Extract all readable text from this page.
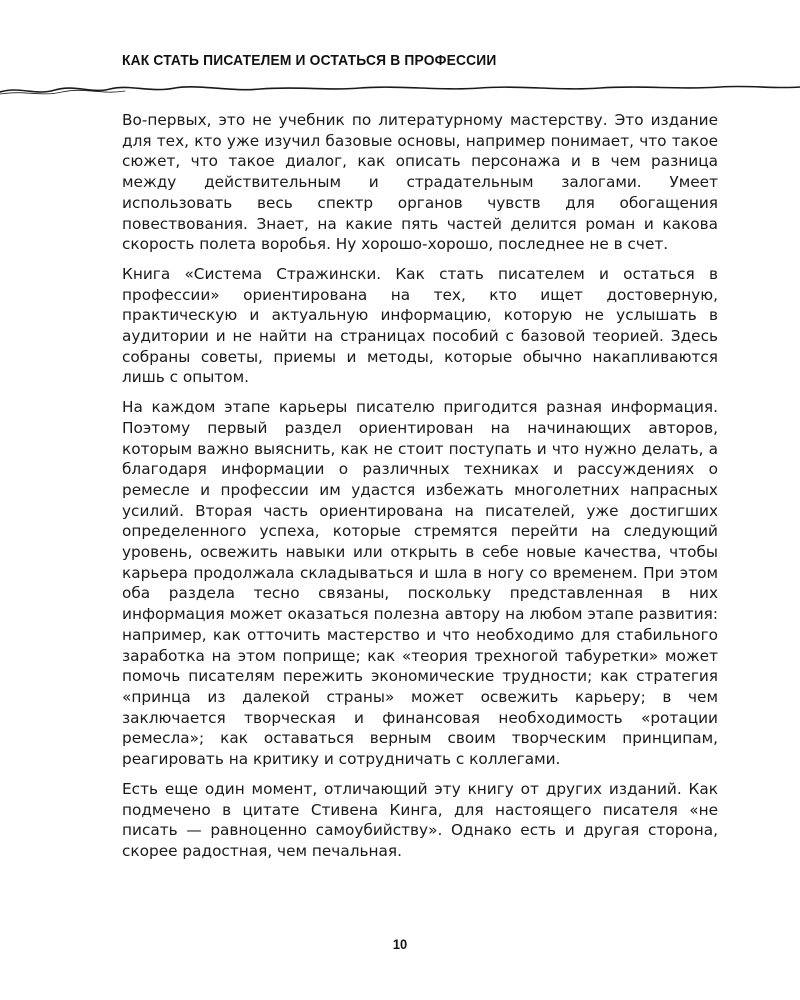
КАК СТАТЬ ПИСАТЕЛЕМ И ОСТАТЬСЯ В ПРОФЕССИИ

Во-первых, это не учебник по литературному мастерству. Это издание для тех, кто уже изучил базовые основы, например понимает, что такое сюжет, что такое диалог, как описать персонажа и в чем разница между действительным и страдательным залогами. Умеет использовать весь спектр органов чувств для обогащения повествования. Знает, на какие пять частей делится роман и какова скорость полета воробья. Ну хорошо-хорошо, последнее не в счет.

Книга «Система Стражински. Как стать писателем и остаться в профессии» ориентирована на тех, кто ищет достоверную, практическую и актуальную информацию, которую не услышать в аудитории и не найти на страницах пособий с базовой теорией. Здесь собраны советы, приемы и методы, которые обычно накапливаются лишь с опытом.

На каждом этапе карьеры писателю пригодится разная информация. Поэтому первый раздел ориентирован на начинающих авторов, которым важно выяснить, как не стоит поступать и что нужно делать, а благодаря информации о различных техниках и рассуждениях о ремесле и профессии им удастся избежать многолетних напрасных усилий. Вторая часть ориентирована на писателей, уже достигших определенного успеха, которые стремятся перейти на следующий уровень, освежить навыки или открыть в себе новые качества, чтобы карьера продолжала складываться и шла в ногу со временем. При этом оба раздела тесно связаны, поскольку представленная в них информация может оказаться полезна автору на любом этапе развития: например, как отточить мастерство и что необходимо для стабильного заработка на этом поприще; как «теория трехногой табуретки» может помочь писателям пережить экономические трудности; как стратегия «принца из далекой страны» может освежить карьеру; в чем заключается творческая и финансовая необходимость «ротации ремесла»; как оставаться верным своим творческим принципам, реагировать на критику и сотрудничать с коллегами.

Есть еще один момент, отличающий эту книгу от других изданий. Как подмечено в цитате Стивена Кинга, для настоящего писателя «не писать — равноценно самоубийству». Однако есть и другая сторона, скорее радостная, чем печальная.

10
